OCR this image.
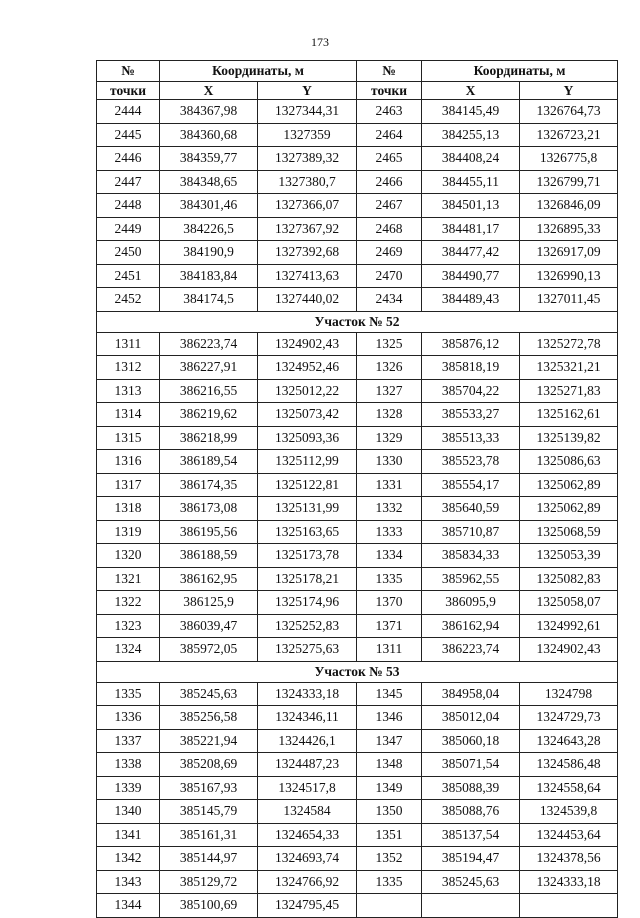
173
№	Координаты, м		№	Координаты, м	
точки	X	Y	точки	X	Y
2444	384367,98	1327344,31	2463	384145,49	1326764,73
2445	384360,68	1327359	2464	384255,13	1326723,21
2446	384359,77	1327389,32	2465	384408,24	1326775,8
2447	384348,65	1327380,7	2466	384455,11	1326799,71
2448	384301,46	1327366,07	2467	384501,13	1326846,09
2449	384226,5	1327367,92	2468	384481,17	1326895,33
2450	384190,9	1327392,68	2469	384477,42	1326917,09
2451	384183,84	1327413,63	2470	384490,77	1326990,13
2452	384174,5	1327440,02	2434	384489,43	1327011,45
Участок № 52					
1311	386223,74	1324902,43	1325	385876,12	1325272,78
1312	386227,91	1324952,46	1326	385818,19	1325321,21
1313	386216,55	1325012,22	1327	385704,22	1325271,83
1314	386219,62	1325073,42	1328	385533,27	1325162,61
1315	386218,99	1325093,36	1329	385513,33	1325139,82
1316	386189,54	1325112,99	1330	385523,78	1325086,63
1317	386174,35	1325122,81	1331	385554,17	1325062,89
1318	386173,08	1325131,99	1332	385640,59	1325062,89
1319	386195,56	1325163,65	1333	385710,87	1325068,59
1320	386188,59	1325173,78	1334	385834,33	1325053,39
1321	386162,95	1325178,21	1335	385962,55	1325082,83
1322	386125,9	1325174,96	1370	386095,9	1325058,07
1323	386039,47	1325252,83	1371	386162,94	1324992,61
1324	385972,05	1325275,63	1311	386223,74	1324902,43
Участок № 53					
1335	385245,63	1324333,18	1345	384958,04	1324798
1336	385256,58	1324346,11	1346	385012,04	1324729,73
1337	385221,94	1324426,1	1347	385060,18	1324643,28
1338	385208,69	1324487,23	1348	385071,54	1324586,48
1339	385167,93	1324517,8	1349	385088,39	1324558,64
1340	385145,79	1324584	1350	385088,76	1324539,8
1341	385161,31	1324654,33	1351	385137,54	1324453,64
1342	385144,97	1324693,74	1352	385194,47	1324378,56
1343	385129,72	1324766,92	1335	385245,63	1324333,18
1344	385100,69	1324795,45			
